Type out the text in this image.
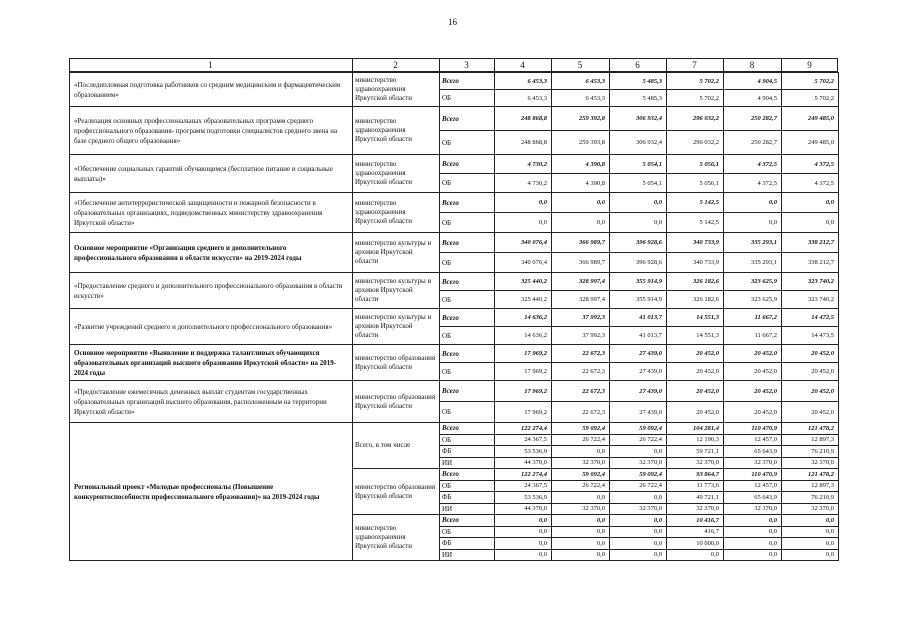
16
1	2	3	4	5	6	7	8	9
«Последипломная подготовка работников со средним медицинским и фармацевтическим образованием»	министерство здравоохранения Иркутской области	Всего	6 453,3	6 453,3	5 485,3	5 702,2	4 904,5	5 702,2
		ОБ	6 453,3	6 453,3	5 485,3	5 702,2	4 904,5	5 702,2
«Реализация основных профессиональных образовательных программ среднего профессионального образования- программ подготовки специалистов среднего звена на базе среднего общего образования»	министерство здравоохранения Иркутской области	Всего	248 868,8	259 392,8	306 932,4	296 032,2	250 282,7	249 485,0
		ОБ	248 868,8	259 393,8	306 932,4	296 032,2	250 282,7	249 485,0
«Обеспечение социальных гарантий обучающимся (бесплатное питание и социальные выплаты)»	министерство здравоохранения Иркутской области	Всего	4 730,2	4 390,8	5 054,1	5 056,1	4 372,5	4 372,5
		ОБ	4 730,2	4 390,8	5 054,1	5 056,1	4 372,5	4 372,5
«Обеспечение антитеррористической защищенности и пожарной безопасности в образовательных организациях, подведомственных министерству здравоохранения Иркутской области»	министерство здравоохранения Иркутской области	Всего	0,0	0,0	0,0	5 142,5	0,0	0,0
		ОБ	0,0	0,0	0,0	5 142,5	0,0	0,0
Основное мероприятие «Организация среднего и дополнительного профессионального образования в области искусств» на 2019-2024 годы	министерство культуры и архивов Иркутской области	Всего	340 076,4	366 989,7	396 928,6	340 733,9	335 293,1	338 212,7
		ОБ	340 076,4	366 989,7	396 928,6	340 733,9	335 293,1	338 212,7
«Предоставление среднего и дополнительного профессионального образования в области искусств»	министерство культуры и архивов Иркутской области	Всего	325 440,2	328 997,4	355 914,9	326 182,6	323 625,9	323 740,2
		ОБ	325 440,2	328 997,4	355 914,9	326 182,6	323 625,9	323 740,2
«Развитие учреждений среднего и дополнительного профессионального образования»	министерство культуры и архивов Иркутской области	Всего	14 636,2	37 992,3	41 013,7	14 551,3	11 667,2	14 472,5
		ОБ	14 636,2	37 992,3	41 013,7	14 551,3	11 667,2	14 473,5
Основное мероприятие «Выявление и поддержка талантливых обучающихся образовательных организаций высшего образования Иркутской области» на 2019-2024 годы	министерство образования Иркутской области	Всего	17 969,2	22 672,3	27 439,0	20 452,0	20 452,0	20 452,0
		ОБ	17 969,2	22 672,3	27 439,0	20 452,0	20 452,0	20 452,0
«Предоставление ежемесячных денежных выплат студентам государственных образовательных организаций высшего образования, расположенным на территории Иркутской области»	министерство образования Иркутской области	Всего	17 969,2	22 672,3	27 439,0	20 452,0	20 452,0	20 452,0
		ОБ	17 969,2	22 672,3	27 439,0	20 452,0	20 452,0	20 452,0
Региональный проект «Молодые профессионалы (Повышение конкурентоспособности профессионального образования)» на 2019-2024 годы	Всего, в том числе	Всего	122 274,4	59 092,4	59 092,4	104 281,4	110 470,9	121 478,2
		ОБ	24 367,5	26 722,4	26 722,4	12 190,3	12 457,0	12 897,3
		ФБ	53 536,9	0,0	0,0	59 721,1	65 643,9	76 210,9
		ИИ	44 370,0	32 370,0	32 370,0	32 370,0	32 370,0	32 370,0
	министерство образования Иркутской области	Всего	122 274,4	59 092,4	59 092,4	93 864,7	110 470,9	121 478,2
		ОБ	24 367,5	26 722,4	26 722,4	11 773,6	12 457,0	12 897,3
		ФБ	53 536,9	0,0	0,0	49 721,1	65 643,9	76 210,9
		ИИ	44 370,0	32 370,0	32 370,0	32 370,0	32 370,0	32 370,0
	министерство здравоохранения Иркутской области	Всего	0,0	0,0	0,0	10 416,7	0,0	0,0
		ОБ	0,0	0,0	0,0	416,7	0,0	0,0
		ФБ	0,0	0,0	0,0	10 000,0	0,0	0,0
		ИИ	0,0	0,0	0,0	0,0	0,0	0,0
